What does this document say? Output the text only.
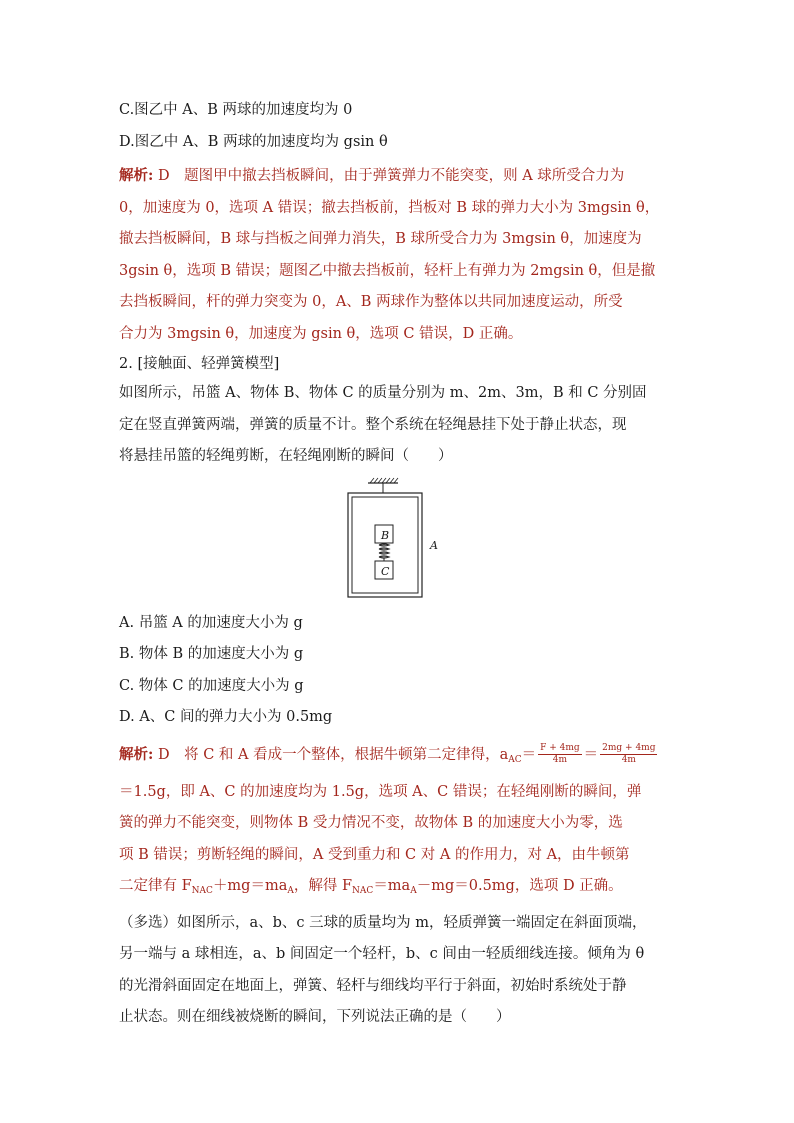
C.图乙中 A、B 两球的加速度均为 0

D.图乙中 A、B 两球的加速度均为 gsin θ

解析: D　题图甲中撤去挡板瞬间，由于弹簧弹力不能突变，则 A 球所受合力为

0，加速度为 0，选项 A 错误；撤去挡板前，挡板对 B 球的弹力大小为 3mgsin θ，

撤去挡板瞬间，B 球与挡板之间弹力消失，B 球所受合力为 3mgsin θ，加速度为

3gsin θ，选项 B 错误；题图乙中撤去挡板前，轻杆上有弹力为 2mgsin θ，但是撤

去挡板瞬间，杆的弹力突变为 0，A、B 两球作为整体以共同加速度运动，所受

合力为 3mgsin θ，加速度为 gsin θ，选项 C 错误，D 正确。

2. [接触面、轻弹簧模型]

如图所示，吊篮 A、物体 B、物体 C 的质量分别为 m、2m、3m，B 和 C 分别固

定在竖直弹簧两端，弹簧的质量不计。整个系统在轻绳悬挂下处于静止状态，现

将悬挂吊篮的轻绳剪断，在轻绳刚断的瞬间（　　）

B
C
A

A. 吊篮 A 的加速度大小为 g

B. 物体 B 的加速度大小为 g

C. 物体 C 的加速度大小为 g

D. A、C 间的弹力大小为 0.5mg

解析: D　将 C 和 A 看成一个整体，根据牛顿第二定律得，$a_{AC}= \frac{F + 4mg}{4m} = \frac{2mg + 4mg}{4m}$

＝1.5g，即 A、C 的加速度均为 1.5g，选项 A、C 错误；在轻绳刚断的瞬间，弹

簧的弹力不能突变，则物体 B 受力情况不变，故物体 B 的加速度大小为零，选

项 B 错误；剪断轻绳的瞬间，A 受到重力和 C 对 A 的作用力，对 A，由牛顿第

二定律有 $F_{NAC}+mg=ma_A$，解得 $F_{NAC}=ma_A-mg=0.5mg$，选项 D 正确。

（多选）如图所示，a、b、c 三球的质量均为 m，轻质弹簧一端固定在斜面顶端，

另一端与 a 球相连，a、b 间固定一个轻杆，b、c 间由一轻质细线连接。倾角为 θ

的光滑斜面固定在地面上，弹簧、轻杆与细线均平行于斜面，初始时系统处于静

止状态。则在细线被烧断的瞬间，下列说法正确的是（　　）
